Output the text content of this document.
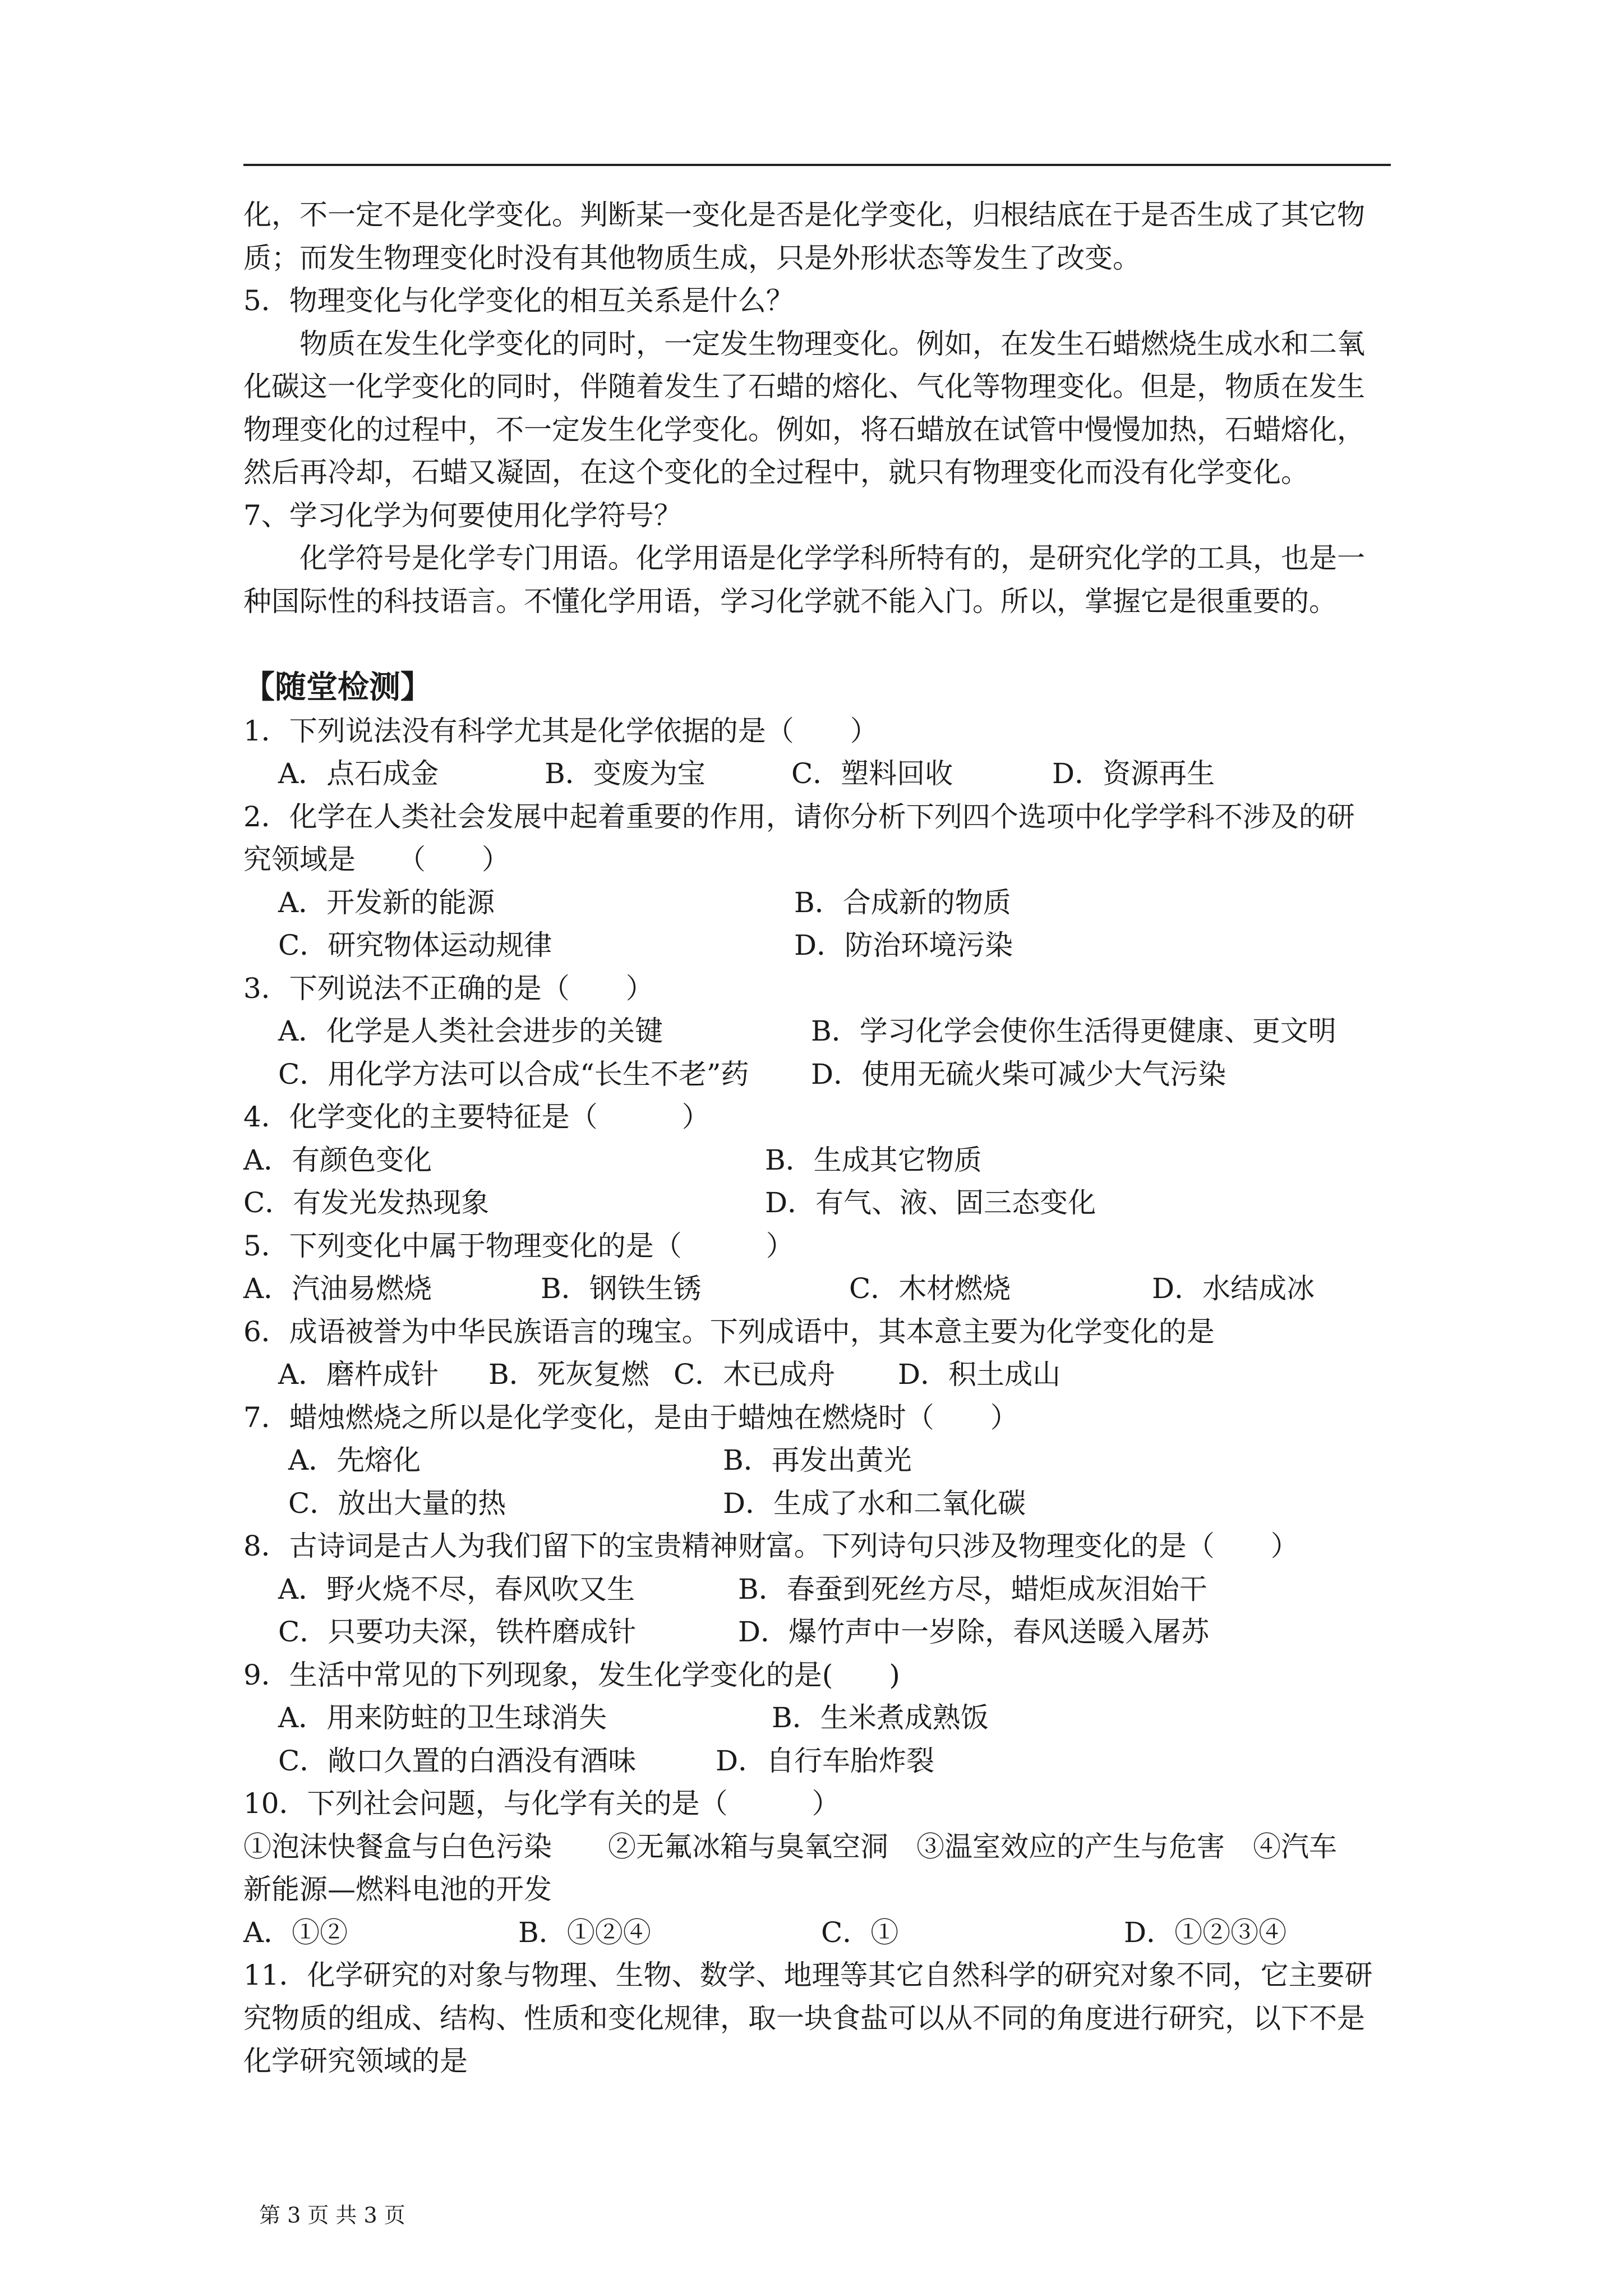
化，不一定不是化学变化。判断某一变化是否是化学变化，归根结底在于是否生成了其它物
质；而发生物理变化时没有其他物质生成，只是外形状态等发生了改变。
5．物理变化与化学变化的相互关系是什么？
物质在发生化学变化的同时，一定发生物理变化。例如，在发生石蜡燃烧生成水和二氧
化碳这一化学变化的同时，伴随着发生了石蜡的熔化、气化等物理变化。但是，物质在发生
物理变化的过程中，不一定发生化学变化。例如，将石蜡放在试管中慢慢加热，石蜡熔化，
然后再冷却，石蜡又凝固，在这个变化的全过程中，就只有物理变化而没有化学变化。
7、学习化学为何要使用化学符号？
化学符号是化学专门用语。化学用语是化学学科所特有的，是研究化学的工具，也是一
种国际性的科技语言。不懂化学用语，学习化学就不能入门。所以，掌握它是很重要的。
【随堂检测】
1．下列说法没有科学尤其是化学依据的是（　　）
A．点石成金	B．变废为宝	C．塑料回收	D．资源再生
2．化学在人类社会发展中起着重要的作用，请你分析下列四个选项中化学学科不涉及的研
究领域是　　（　　）
A．开发新的能源	B．合成新的物质
C．研究物体运动规律	D．防治环境污染
3．下列说法不正确的是（　　）
A．化学是人类社会进步的关键	B．学习化学会使你生活得更健康、更文明
C．用化学方法可以合成“长生不老”药 D．使用无硫火柴可减少大气污染
4．化学变化的主要特征是（　　　）
A．有颜色变化	B．生成其它物质
C．有发光发热现象	D．有气、液、固三态变化
5．下列变化中属于物理变化的是（　　　）
A．汽油易燃烧	B．钢铁生锈	C．木材燃烧	D．水结成冰
6．成语被誉为中华民族语言的瑰宝。下列成语中，其本意主要为化学变化的是
A．磨杵成针 B．死灰复燃 C．木已成舟 D．积土成山
7．蜡烛燃烧之所以是化学变化，是由于蜡烛在燃烧时（　　）
A．先熔化	B．再发出黄光
C．放出大量的热	D．生成了水和二氧化碳
8．古诗词是古人为我们留下的宝贵精神财富。下列诗句只涉及物理变化的是（　　）
A．野火烧不尽，春风吹又生	B．春蚕到死丝方尽，蜡炬成灰泪始干
C．只要功夫深，铁杵磨成针	D．爆竹声中一岁除，春风送暖入屠苏
9．生活中常见的下列现象，发生化学变化的是(　　)
A．用来防蛀的卫生球消失	B．生米煮成熟饭
C．敞口久置的白酒没有酒味	D．自行车胎炸裂
10．下列社会问题，与化学有关的是（　　　）
①泡沫快餐盒与白色污染　　②无氟冰箱与臭氧空洞　③温室效应的产生与危害　④汽车
新能源—燃料电池的开发
A．①②	B．①②④	C．①	D．①②③④
11．化学研究的对象与物理、生物、数学、地理等其它自然科学的研究对象不同，它主要研
究物质的组成、结构、性质和变化规律，取一块食盐可以从不同的角度进行研究，以下不是
化学研究领域的是
第 3 页 共 3 页
